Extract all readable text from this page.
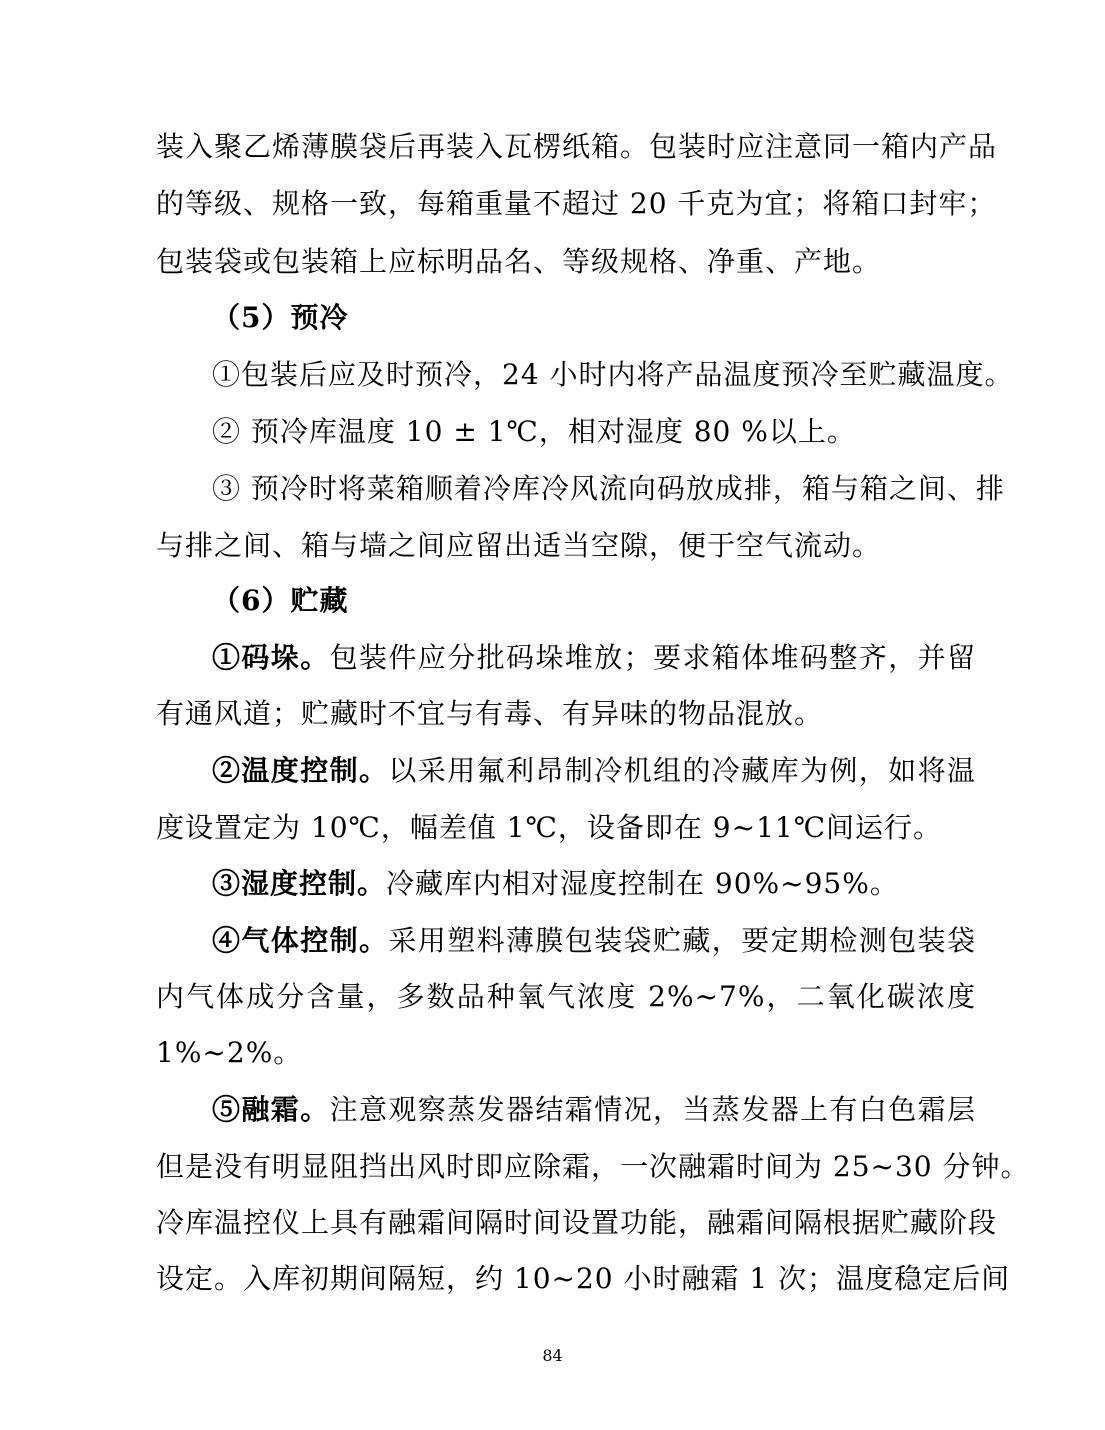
装入聚乙烯薄膜袋后再装入瓦楞纸箱。包装时应注意同一箱内产品
的等级、规格一致，每箱重量不超过 20 千克为宜；将箱口封牢；
包装袋或包装箱上应标明品名、等级规格、净重、产地。
（5）预冷
①包装后应及时预冷，24 小时内将产品温度预冷至贮藏温度。
② 预冷库温度 10 ± 1℃，相对湿度 80 %以上。
③ 预冷时将菜箱顺着冷库冷风流向码放成排，箱与箱之间、排
与排之间、箱与墙之间应留出适当空隙，便于空气流动。
（6）贮藏
①码垛。包装件应分批码垛堆放；要求箱体堆码整齐，并留
有通风道；贮藏时不宜与有毒、有异味的物品混放。
②温度控制。以采用氟利昂制冷机组的冷藏库为例，如将温
度设置定为 10℃，幅差值 1℃，设备即在 9~11℃间运行。
③湿度控制。冷藏库内相对湿度控制在 90%~95%。
④气体控制。采用塑料薄膜包装袋贮藏，要定期检测包装袋
内气体成分含量，多数品种氧气浓度 2%~7%，二氧化碳浓度
1%~2%。
⑤融霜。注意观察蒸发器结霜情况，当蒸发器上有白色霜层
但是没有明显阻挡出风时即应除霜，一次融霜时间为 25~30 分钟。
冷库温控仪上具有融霜间隔时间设置功能，融霜间隔根据贮藏阶段
设定。入库初期间隔短，约 10~20 小时融霜 1 次；温度稳定后间
84
